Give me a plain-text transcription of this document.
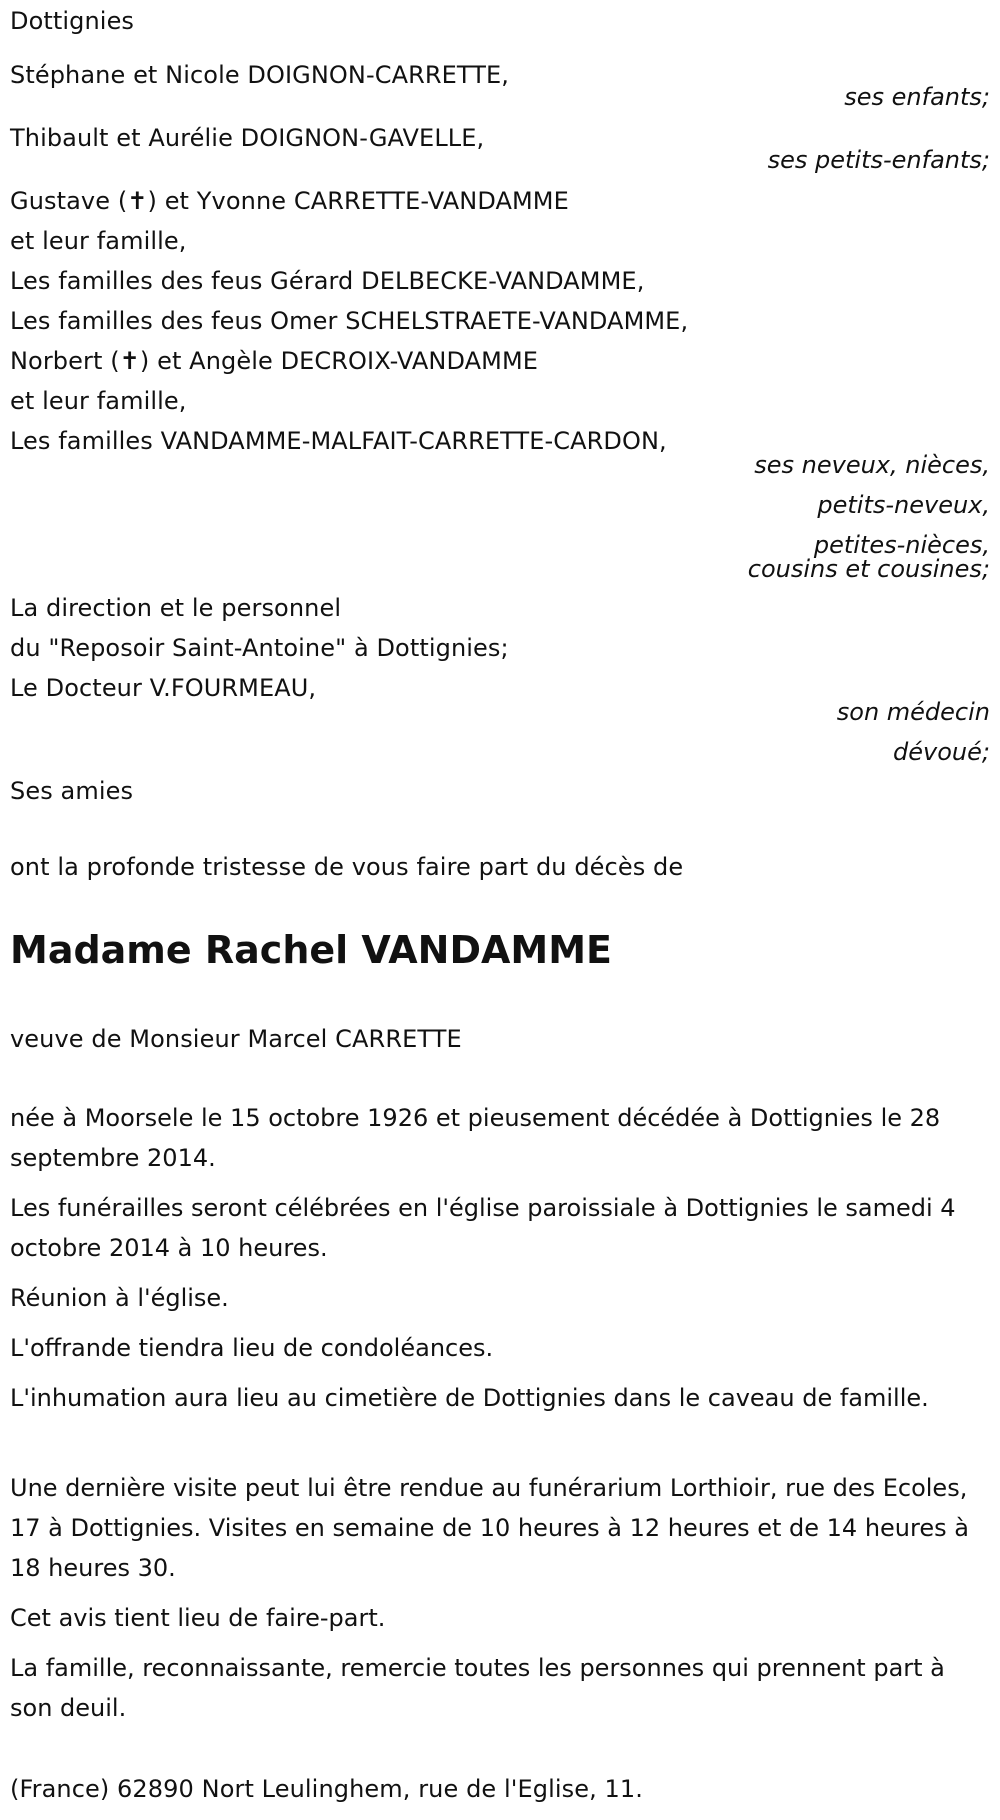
Dottignies
Stéphane et Nicole DOIGNON-CARRETTE,
ses enfants;
Thibault et Aurélie DOIGNON-GAVELLE,
ses petits-enfants;
Gustave (✝) et Yvonne CARRETTE-VANDAMME
et leur famille,
Les familles des feus Gérard DELBECKE-VANDAMME,
Les familles des feus Omer SCHELSTRAETE-VANDAMME,
Norbert (✝) et Angèle DECROIX-VANDAMME
et leur famille,
Les familles VANDAMME-MALFAIT-CARRETTE-CARDON,
ses neveux, nièces,
petits-neveux,
petites-nièces,
cousins et cousines;
La direction et le personnel
du "Reposoir Saint-Antoine" à Dottignies;
Le Docteur V.FOURMEAU,
son médecin
dévoué;
Ses amies
ont la profonde tristesse de vous faire part du décès de
Madame Rachel VANDAMME
veuve de Monsieur Marcel CARRETTE
née à Moorsele le 15 octobre 1926 et pieusement décédée à Dottignies le 28 septembre 2014.
Les funérailles seront célébrées en l'église paroissiale à Dottignies le samedi 4 octobre 2014 à 10 heures.
Réunion à l'église.
L'offrande tiendra lieu de condoléances.
L'inhumation aura lieu au cimetière de Dottignies dans le caveau de famille.
Une dernière visite peut lui être rendue au funérarium Lorthioir, rue des Ecoles, 17 à Dottignies. Visites en semaine de 10 heures à 12 heures et de 14 heures à 18 heures 30.
Cet avis tient lieu de faire-part.
La famille, reconnaissante, remercie toutes les personnes qui prennent part à son deuil.
(France) 62890 Nort Leulinghem, rue de l'Eglise, 11.
